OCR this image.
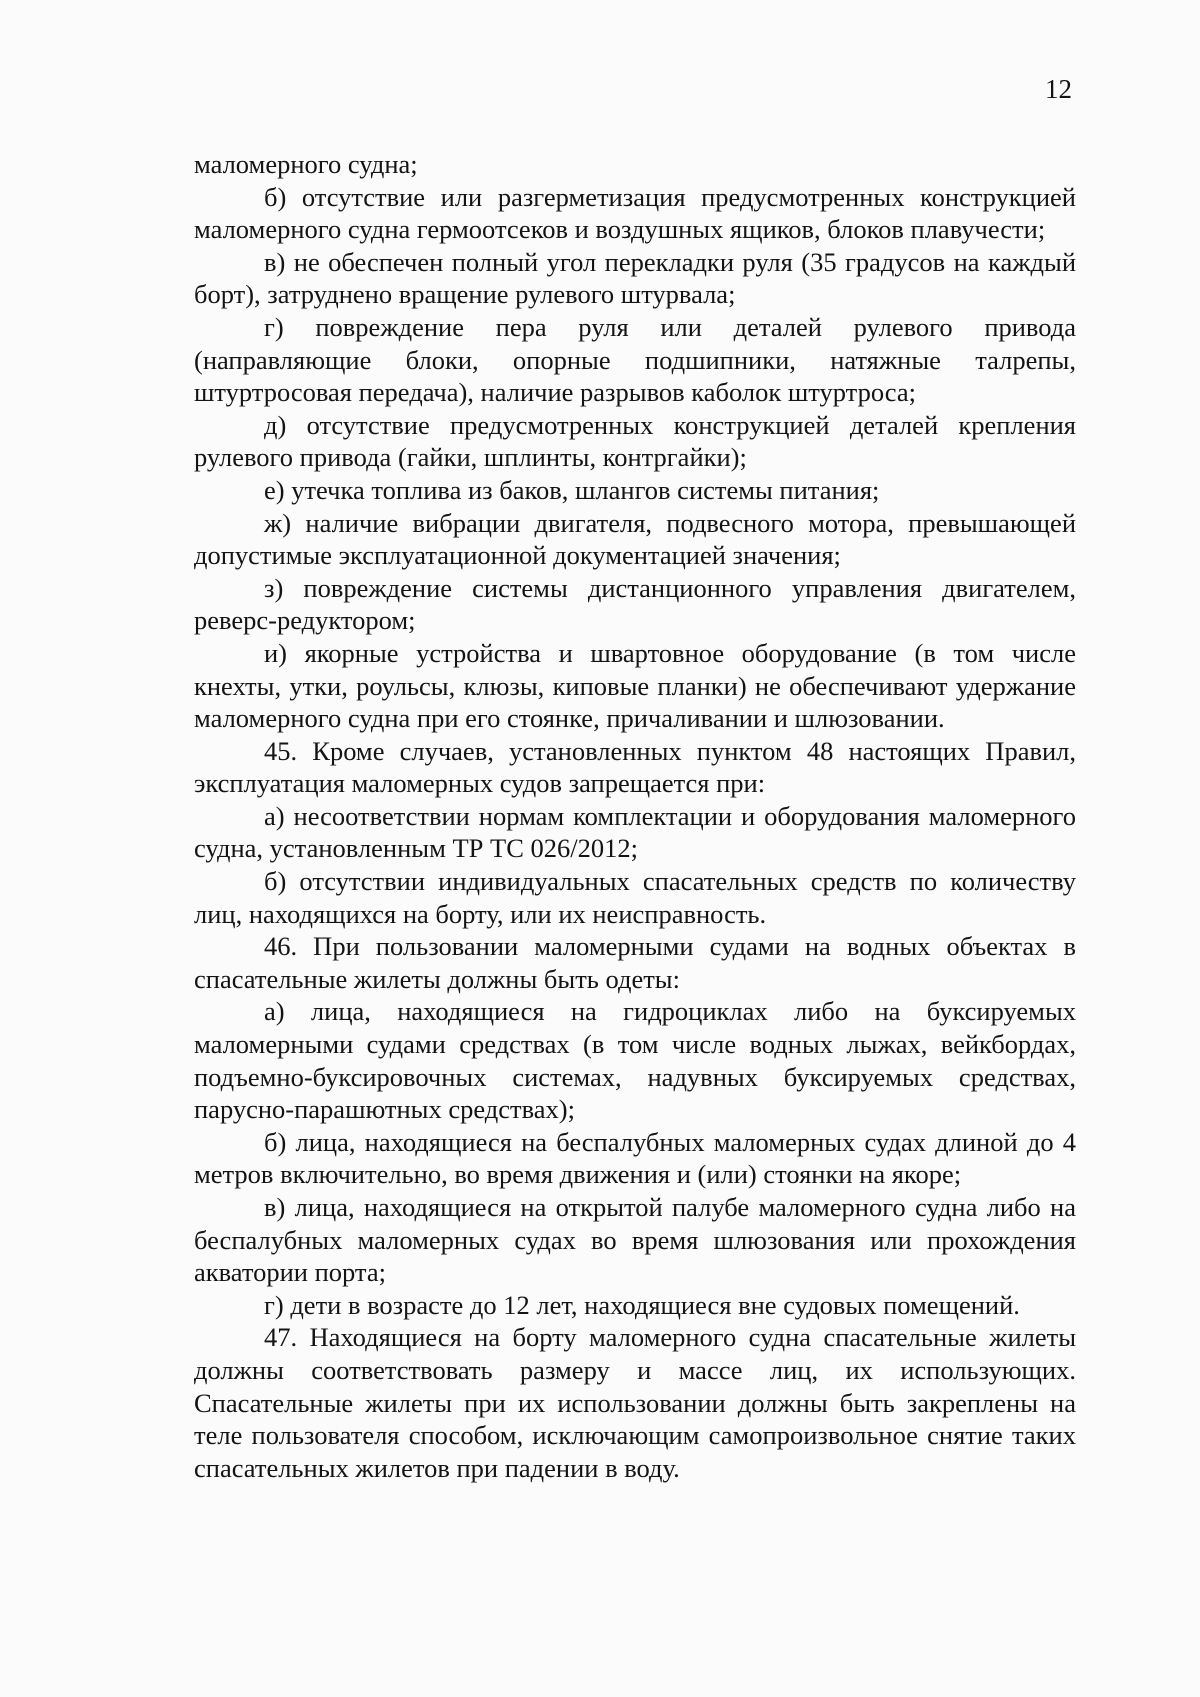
12

маломерного судна;

б) отсутствие или разгерметизация предусмотренных конструкцией маломерного судна гермоотсеков и воздушных ящиков, блоков плавучести;

в) не обеспечен полный угол перекладки руля (35 градусов на каждый борт), затруднено вращение рулевого штурвала;

г) повреждение пера руля или деталей рулевого привода (направляющие блоки, опорные подшипники, натяжные талрепы, штуртросовая передача), наличие разрывов каболок штуртроса;

д) отсутствие предусмотренных конструкцией деталей крепления рулевого привода (гайки, шплинты, контргайки);

е) утечка топлива из баков, шлангов системы питания;

ж) наличие вибрации двигателя, подвесного мотора, превышающей допустимые эксплуатационной документацией значения;

з) повреждение системы дистанционного управления двигателем, реверс-редуктором;

и) якорные устройства и швартовное оборудование (в том числе кнехты, утки, роульсы, клюзы, киповые планки) не обеспечивают удержание маломерного судна при его стоянке, причаливании и шлюзовании.

45. Кроме случаев, установленных пунктом 48 настоящих Правил, эксплуатация маломерных судов запрещается при:

а) несоответствии нормам комплектации и оборудования маломерного судна, установленным ТР ТС 026/2012;

б) отсутствии индивидуальных спасательных средств по количеству лиц, находящихся на борту, или их неисправность.

46. При пользовании маломерными судами на водных объектах в спасательные жилеты должны быть одеты:

а) лица, находящиеся на гидроциклах либо на буксируемых маломерными судами средствах (в том числе водных лыжах, вейкбордах, подъемно-буксировочных системах, надувных буксируемых средствах, парусно-парашютных средствах);

б) лица, находящиеся на беспалубных маломерных судах длиной до 4 метров включительно, во время движения и (или) стоянки на якоре;

в) лица, находящиеся на открытой палубе маломерного судна либо на беспалубных маломерных судах во время шлюзования или прохождения акватории порта;

г) дети в возрасте до 12 лет, находящиеся вне судовых помещений.

47. Находящиеся на борту маломерного судна спасательные жилеты должны соответствовать размеру и массе лиц, их использующих. Спасательные жилеты при их использовании должны быть закреплены на теле пользователя способом, исключающим самопроизвольное снятие таких спасательных жилетов при падении в воду.
